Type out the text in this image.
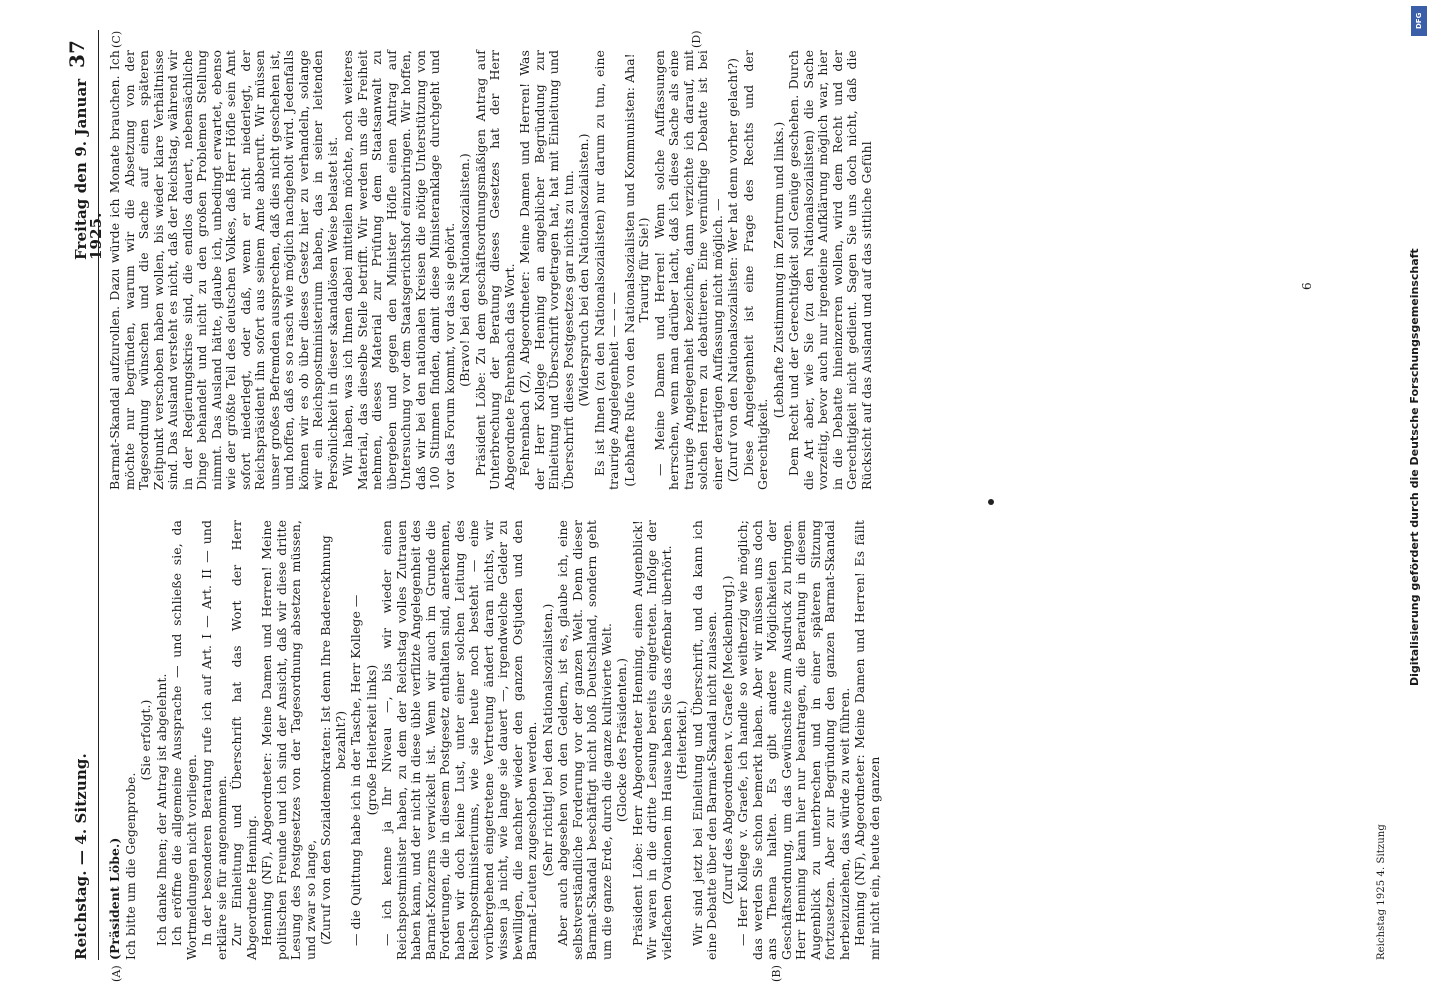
Reichstag. — 4. Sitzung.
Freitag den 9. Januar 1925.
37
(A)	(B)
(C)	(D)

(Präsident Löbe.) Ich bitte um die Gegenprobe.

(Sie erfolgt.) Ich danke Ihnen; der Antrag ist abgelehnt. Ich eröffne die allgemeine Aussprache — und schließe sie, da Wortmeldungen nicht vorliegen. In der besonderen Beratung rufe ich auf Art. I — Art. II — und erkläre sie für angenommen. Zur Einleitung und Überschrift hat das Wort der Herr Abgeordnete Henning. Henning (NF), Abgeordneter: Meine Damen und Herren! Meine politischen Freunde und ich sind der Ansicht, daß wir diese dritte Lesung des Postgesetzes von der Tagesordnung absetzen müssen, und zwar so lange, (Zuruf von den Sozialdemokraten: Ist denn Ihre Badereckhnung bezahlt?) — die Quittung habe ich in der Tasche, Herr Kollege — (große Heiterkeit links) — ich kenne ja Ihr Niveau —, bis wir wieder einen Reichspostminister haben, zu dem der Reichstag volles Zutrauen haben kann, und der nicht in diese üble verfilzte Angelegenheit des Barmat-Konzerns verwickelt ist. Wenn wir auch im Grunde die Forderungen, die in diesem Postgesetz enthalten sind, anerkennen, haben wir doch keine Lust, unter einer solchen Leitung des Reichspostministeriums, wie sie heute noch besteht — eine vorübergehend eingetretene Vertretung ändert daran nichts, wir wissen ja nicht, wie lange sie dauert —, irgendwelche Gelder zu bewilligen, die nachher wieder den ganzen Ostjuden und den Barmat-Leuten zugeschoben werden. (Sehr richtig! bei den Nationalsozialisten.) Aber auch abgesehen von den Geldern, ist es, glaube ich, eine selbstverständliche Forderung vor der ganzen Welt. Denn dieser Barmat-Skandal beschäftigt nicht bloß Deutschland, sondern geht um die ganze Erde, durch die ganze kultivierte Welt. (Glocke des Präsidenten.) Präsident Löbe: Herr Abgeordneter Henning, einen Augenblick! Wir waren in die dritte Lesung bereits eingetreten. Infolge der vielfachen Ovationen im Hause haben Sie das offenbar überhört. (Heiterkeit.) Wir sind jetzt bei Einleitung und Überschrift, und da kann ich eine Debatte über den Barmat-Skandal nicht zulassen. (Zuruf des Abgeordneten v. Graefe [Mecklenburg].) — Herr Kollege v. Graefe, ich handle so weitherzig wie möglich; das werden Sie schon bemerkt haben. Aber wir müssen uns doch ans Thema halten. Es gibt andere Möglichkeiten der Geschäftsordnung, um das Gewünschte zum Ausdruck zu bringen. Herr Henning kann hier nur beantragen, die Beratung in diesem Augenblick zu unterbrechen und in einer späteren Sitzung fortzusetzen. Aber zur Begründung den ganzen Barmat-Skandal herbeizuziehen, das würde zu weit führen. Henning (NF), Abgeordneter: Meine Damen und Herren! Es fällt mir nicht ein, heute den ganzen

Barmat-Skandal aufzurollen. Dazu würde ich Monate brauchen. Ich möchte nur begründen, warum wir die Absetzung von der Tagesordnung wünschen und die Sache auf einen späteren Zeitpunkt verschoben haben wollen, bis wieder klare Verhältnisse sind. Das Ausland versteht es nicht, daß der Reichstag, während wir in der Regierungskrise sind, die endlos dauert, nebensächliche Dinge behandelt und nicht zu den großen Problemen Stellung nimmt. Das Ausland hätte, glaube ich, unbedingt erwartet, ebenso wie der größte Teil des deutschen Volkes, daß Herr Höfle sein Amt sofort niederlegt, oder daß, wenn er nicht niederlegt, der Reichspräsident ihn sofort aus seinem Amte abberuft. Wir müssen unser großes Befremden aussprechen, daß dies nicht geschehen ist, und hoffen, daß es so rasch wie möglich nachgeholt wird. Jedenfalls können wir es ob über dieses Gesetz hier zu verhandeln, solange wir ein Reichspostministerium haben, das in seiner leitenden Persönlichkeit in dieser skandalösen Weise belastet ist. Wir haben, was ich Ihnen dabei mitteilen möchte, noch weiteres Material, das dieselbe Stelle betrifft. Wir werden uns die Freiheit nehmen, dieses Material zur Prüfung dem Staatsanwalt zu übergeben und gegen den Minister Höfle einen Antrag auf Untersuchung vor dem Staatsgerichtshof einzubringen. Wir hoffen, daß wir bei den nationalen Kreisen die nötige Unterstützung von 100 Stimmen finden, damit diese Ministeranklage durchgeht und vor das Forum kommt, vor das sie gehört. (Bravo! bei den Nationalsozialisten.) Präsident Löbe: Zu dem geschäftsordnungsmäßigen Antrag auf Unterbrechung der Beratung dieses Gesetzes hat der Herr Abgeordnete Fehrenbach das Wort. Fehrenbach (Z), Abgeordneter: Meine Damen und Herren! Was der Herr Kollege Henning an angeblicher Begründung zur Einleitung und Überschrift vorgetragen hat, hat mit Einleitung und Überschrift dieses Postgesetzes gar nichts zu tun. (Widerspruch bei den Nationalsozialisten.) Es ist Ihnen (zu den Nationalsozialisten) nur darum zu tun, eine traurige Angelegenheit — — — (Lebhafte Rufe von den Nationalsozialisten und Kommunisten: Aha! Traurig für Sie!) — Meine Damen und Herren! Wenn solche Auffassungen herrschen, wenn man darüber lacht, daß ich diese Sache als eine traurige Angelegenheit bezeichne, dann verzichte ich darauf, mit solchen Herren zu debattieren. Eine vernünftige Debatte ist bei einer derartigen Auffassung nicht möglich. — (Zuruf von den Nationalsozialisten: Wer hat denn vorher gelacht?) Diese Angelegenheit ist eine Frage des Rechts und der Gerechtigkeit.

(Lebhafte Zustimmung im Zentrum und links.) Dem Recht und der Gerechtigkeit soll Genüge geschehen. Durch die Art aber, wie Sie (zu den Nationalsozialisten) die Sache vorzeitig, bevor auch nur irgendeine Aufklärung möglich war, hier in die Debatte hineinzerren wollen, wird dem Recht und der Gerechtigkeit nicht gedient. Sagen Sie uns doch nicht, daß die Rücksicht auf das Ausland und auf das sittliche Gefühl

Reichstag 1925 4. Sitzung
6
DFG
Digitalisierung gefördert durch die Deutsche Forschungsgemeinschaft
